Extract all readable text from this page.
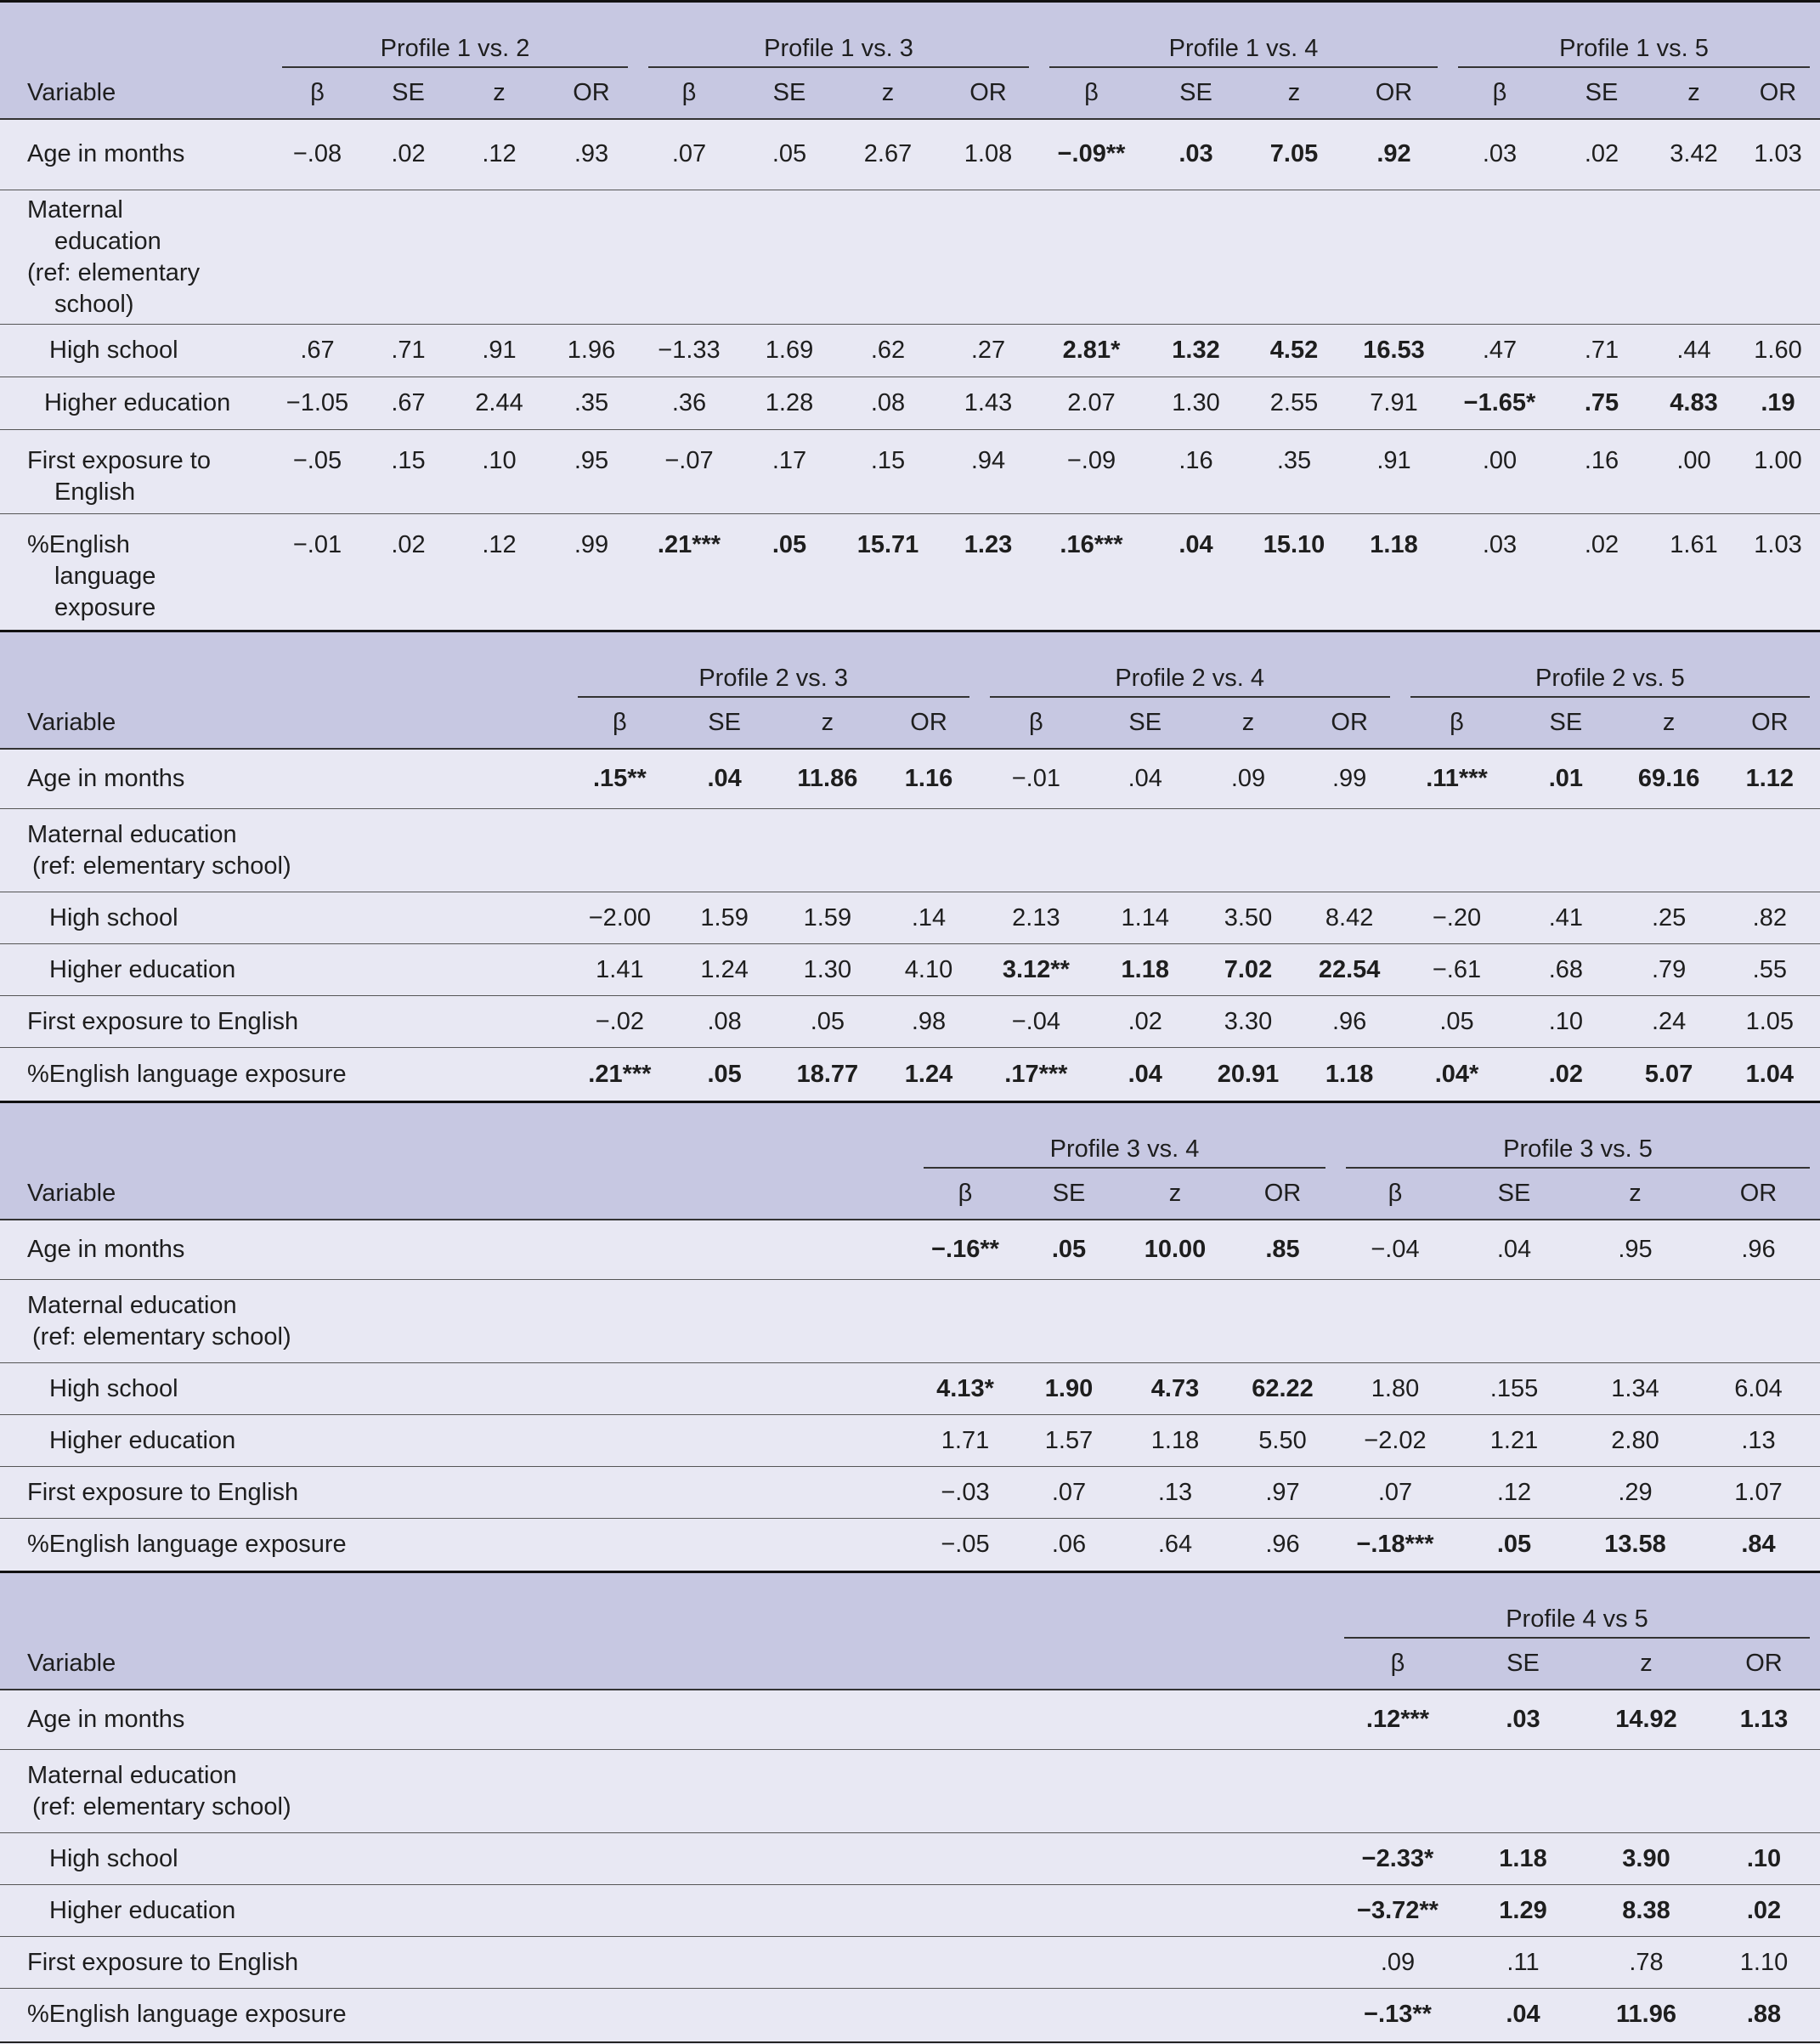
	Profile 1 vs. 2				Profile 1 vs. 3				Profile 1 vs. 4				Profile 1 vs. 5			

Variable	β	SE	z	OR	β	SE	z	OR	β	SE	z	OR	β	SE	z	OR
Age in months	−.08	.02	.12	.93	.07	.05	2.67	1.08	−.09**	.03	7.05	.92	.03	.02	3.42	1.03

Maternal
education
(ref: elementary
school)																

High school	.67	.71	.91	1.96	−1.33	1.69	.62	.27	2.81*	1.32	4.52	16.53	.47	.71	.44	1.60
Higher education	−1.05	.67	2.44	.35	.36	1.28	.08	1.43	2.07	1.30	2.55	7.91	−1.65*	.75	4.83	.19

First exposure to
English	−.05	.15	.10	.95	−.07	.17	.15	.94	−.09	.16	.35	.91	.00	.16	.00	1.00

%English
language
exposure	−.01	.02	.12	.99	.21***	.05	15.71	1.23	.16***	.04	15.10	1.18	.03	.02	1.61	1.03
	Profile 2 vs. 3				Profile 2 vs. 4				Profile 2 vs. 5			

Variable	β	SE	z	OR	β	SE	z	OR	β	SE	z	OR
Age in months	.15**	.04	11.86	1.16	−.01	.04	.09	.99	.11***	.01	69.16	1.12

Maternal education
(ref: elementary school)												

High school	−2.00	1.59	1.59	.14	2.13	1.14	3.50	8.42	−.20	.41	.25	.82
Higher education	1.41	1.24	1.30	4.10	3.12**	1.18	7.02	22.54	−.61	.68	.79	.55
First exposure to English	−.02	.08	.05	.98	−.04	.02	3.30	.96	.05	.10	.24	1.05
%English language exposure	.21***	.05	18.77	1.24	.17***	.04	20.91	1.18	.04*	.02	5.07	1.04
	Profile 3 vs. 4				Profile 3 vs. 5			

Variable	β	SE	z	OR	β	SE	z	OR
Age in months	−.16**	.05	10.00	.85	−.04	.04	.95	.96

Maternal education
(ref: elementary school)								

High school	4.13*	1.90	4.73	62.22	1.80	.155	1.34	6.04
Higher education	1.71	1.57	1.18	5.50	−2.02	1.21	2.80	.13
First exposure to English	−.03	.07	.13	.97	.07	.12	.29	1.07
%English language exposure	−.05	.06	.64	.96	−.18***	.05	13.58	.84
	Profile 4 vs 5			

Variable	β	SE	z	OR
Age in months	.12***	.03	14.92	1.13

Maternal education
(ref: elementary school)				

High school	−2.33*	1.18	3.90	.10
Higher education	−3.72**	1.29	8.38	.02
First exposure to English	.09	.11	.78	1.10
%English language exposure	−.13**	.04	11.96	.88
